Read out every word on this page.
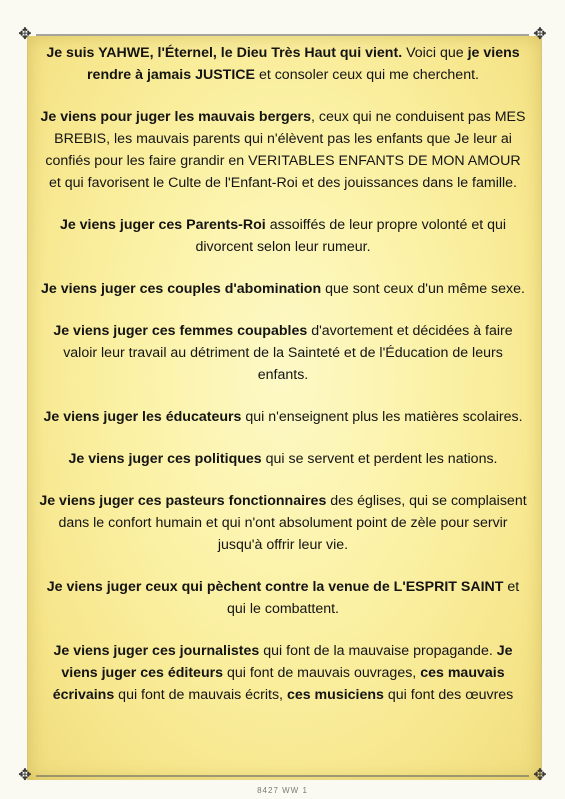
✥	✥
✥	✥

Je suis YAHWE, l'Éternel, le Dieu Très Haut qui vient. Voici que je viens rendre à jamais JUSTICE et consoler ceux qui me cherchent.

Je viens pour juger les mauvais bergers, ceux qui ne conduisent pas MES BREBIS, les mauvais parents qui n'élèvent pas les enfants que Je leur ai confiés pour les faire grandir en VERITABLES ENFANTS DE MON AMOUR et qui favorisent le Culte de l'Enfant-Roi et des jouissances dans le famille.

Je viens juger ces Parents-Roi assoiffés de leur propre volonté et qui divorcent selon leur rumeur.

Je viens juger ces couples d'abomination que sont ceux d'un même sexe.

Je viens juger ces femmes coupables d'avortement et décidées à faire valoir leur travail au détriment de la Sainteté et de l'Éducation de leurs enfants.

Je viens juger les éducateurs qui n'enseignent plus les matières scolaires.

Je viens juger ces politiques qui se servent et perdent les nations.

Je viens juger ces pasteurs fonctionnaires des églises, qui se complaisent dans le confort humain et qui n'ont absolument point de zèle pour servir jusqu'à offrir leur vie.

Je viens juger ceux qui pèchent contre la venue de L'ESPRIT SAINT et qui le combattent.

Je viens juger ces journalistes qui font de la mauvaise propagande. Je viens juger ces éditeurs qui font de mauvais ouvrages, ces mauvais écrivains qui font de mauvais écrits, ces musiciens qui font des œuvres

8427 WW 1
